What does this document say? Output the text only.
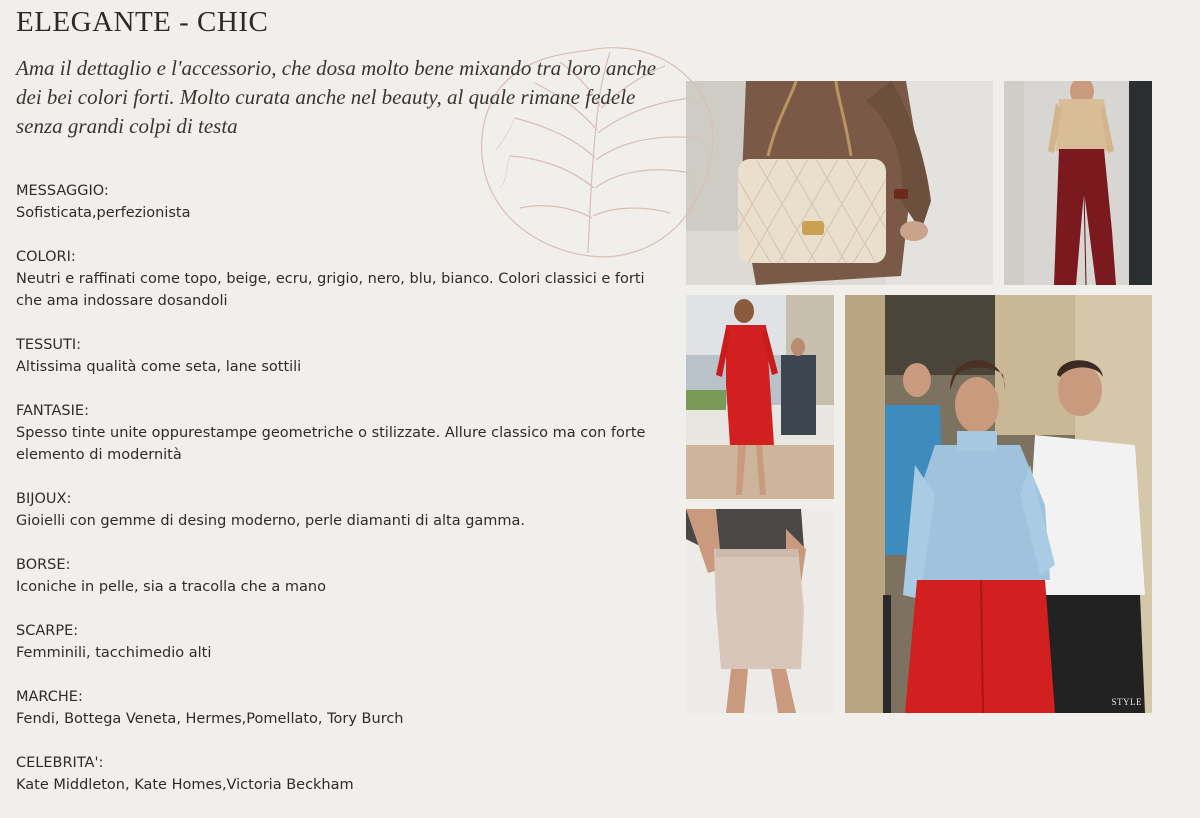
ELEGANTE - CHIC

Ama il dettaglio e l'accessorio, che dosa molto bene mixando tra loro anche dei bei colori forti. Molto curata anche nel beauty, al quale rimane fedele senza grandi colpi di testa

MESSAGGIO:
Sofisticata,perfezionista
COLORI:
Neutri e raffinati come topo, beige, ecru, grigio, nero, blu, bianco. Colori classici e forti che ama indossare dosandoli
TESSUTI:
Altissima qualità come seta, lane sottili
FANTASIE:
Spesso tinte unite oppurestampe geometriche o stilizzate. Allure classico ma con forte elemento di modernità
BIJOUX:
Gioielli con gemme di desing moderno, perle diamanti di alta gamma.
BORSE:
Iconiche in pelle, sia a tracolla che a mano
SCARPE:
Femminili, tacchimedio alti
MARCHE:
Fendi, Bottega Veneta, Hermes,Pomellato, Tory Burch
CELEBRITA':
Kate Middleton, Kate Homes,Victoria Beckham
STYLE
